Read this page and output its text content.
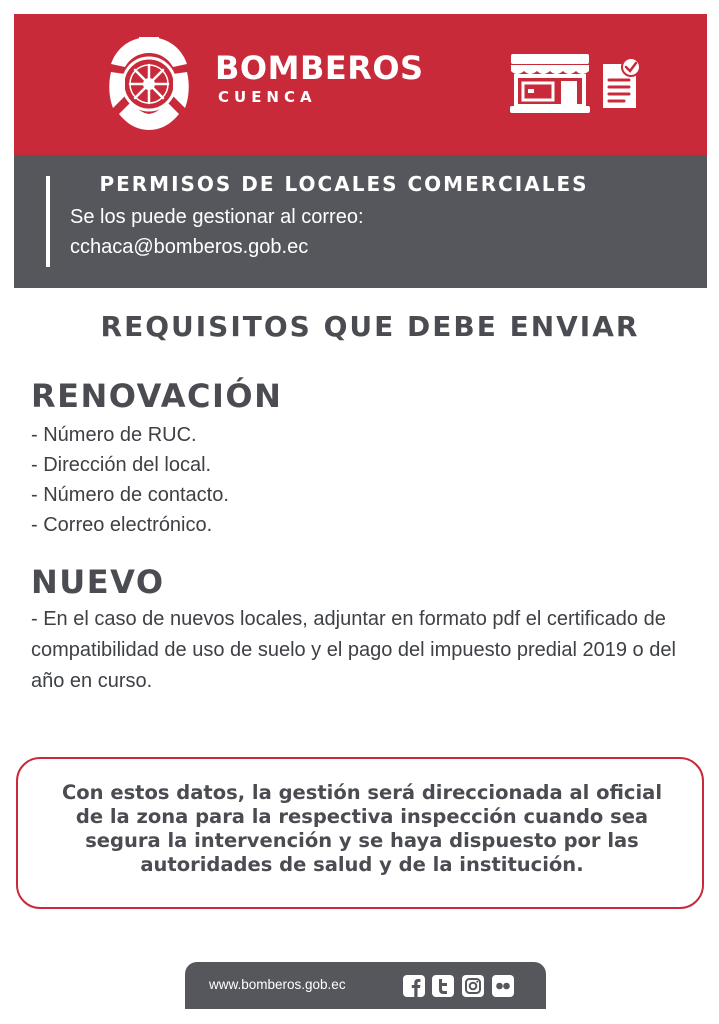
BOMBEROS
CUENCA
PERMISOS DE LOCALES COMERCIALES
Se los puede gestionar al correo:
cchaca@bomberos.gob.ec
REQUISITOS QUE DEBE ENVIAR
RENOVACIÓN
- Número de RUC.
- Dirección del local.
- Número de contacto.
- Correo electrónico.
NUEVO

- En el caso de nuevos locales, adjuntar en formato pdf el certificado de compatibilidad de uso de suelo y el pago del impuesto predial 2019 o del año en curso.

Con estos datos, la gestión será direccionada al oficial de la zona para la respectiva inspección cuando sea segura la intervención y se haya dispuesto por las autoridades de salud y de la institución.

www.bomberos.gob.ec
